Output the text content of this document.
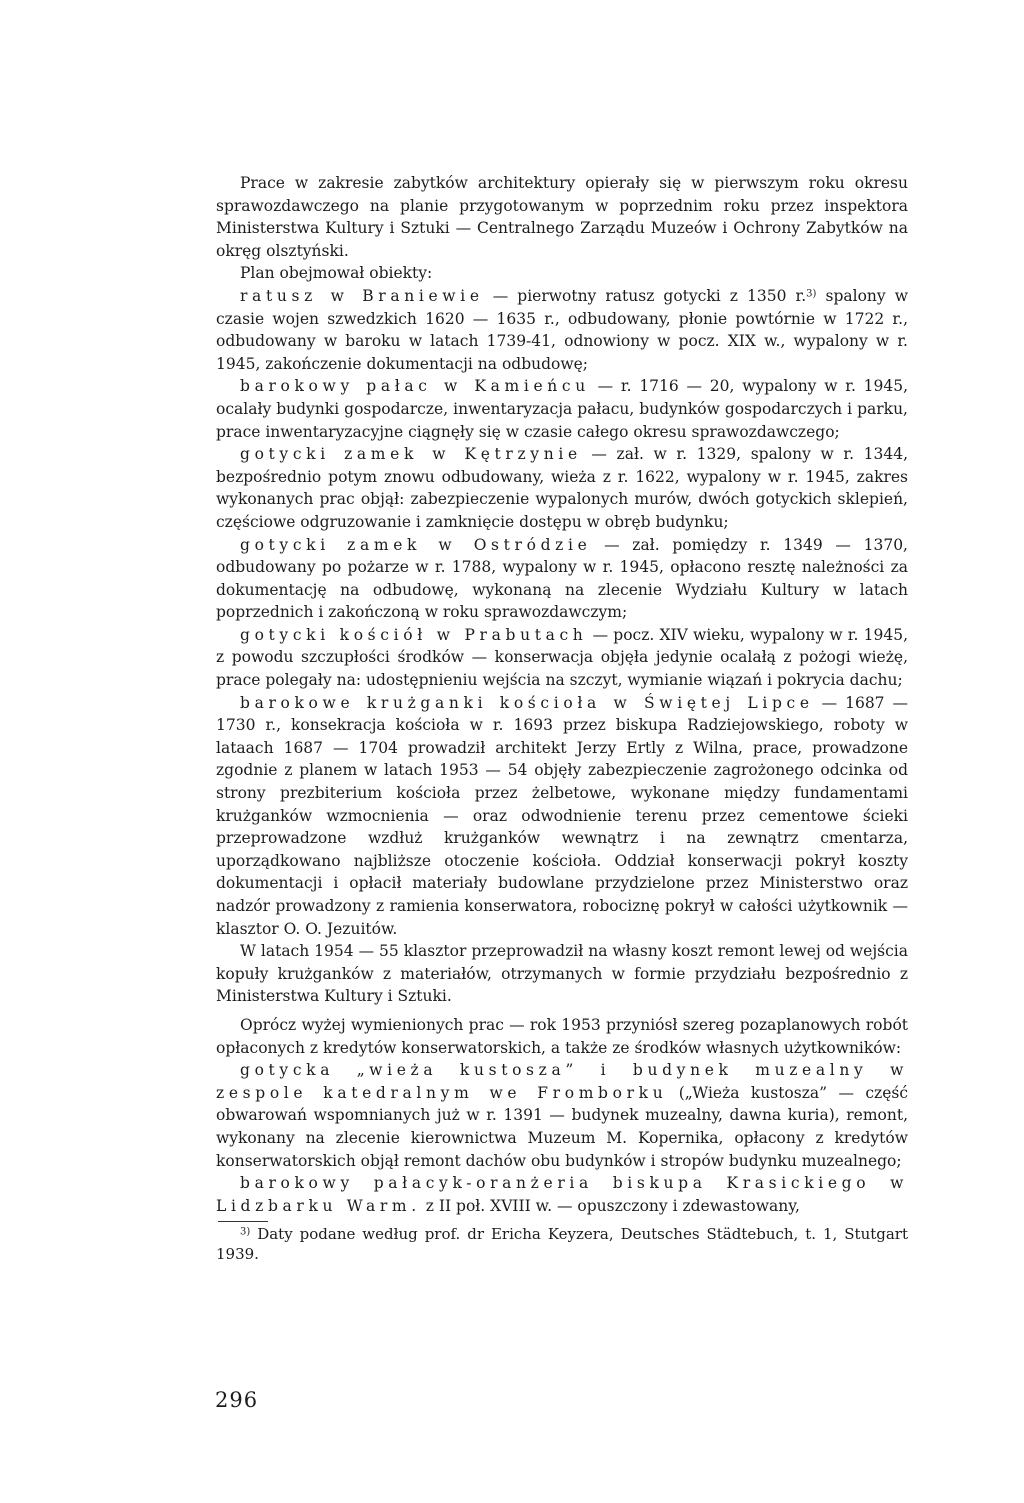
Prace w zakresie zabytków architektury opierały się w pierwszym roku okresu sprawozdawczego na planie przygotowanym w poprzednim roku przez inspektora Ministerstwa Kultury i Sztuki — Centralnego Zarządu Muzeów i Ochrony Zabytków na okręg olsztyński.

Plan obejmował obiekty:

ratusz w Braniewie — pierwotny ratusz gotycki z 1350 r.$^{3)}$ spalony w czasie wojen szwedzkich 1620 — 1635 r., odbudowany, płonie powtórnie w 1722 r., odbudowany w baroku w latach 1739-41, odnowiony w pocz. XIX w., wypalony w r. 1945, zakończenie dokumentacji na odbudowę;

barokowy pałac w Kamieńcu — r. 1716 — 20, wypalony w r. 1945, ocalały budynki gospodarcze, inwentaryzacja pałacu, budynków gospodarczych i parku, prace inwentaryzacyjne ciągnęły się w czasie całego okresu sprawozdawczego;

gotycki zamek w Kętrzynie — zał. w r. 1329, spalony w r. 1344, bezpośrednio potym znowu odbudowany, wieża z r. 1622, wypalony w r. 1945, zakres wykonanych prac objął: zabezpieczenie wypalonych murów, dwóch gotyckich sklepień, częściowe odgruzowanie i zamknięcie dostępu w obręb budynku;

gotycki zamek w Ostródzie — zał. pomiędzy r. 1349 — 1370, odbudowany po pożarze w r. 1788, wypalony w r. 1945, opłacono resztę należności za dokumentację na odbudowę, wykonaną na zlecenie Wydziału Kultury w latach poprzednich i zakończoną w roku sprawozdawczym;

gotycki kościół w Prabutach — pocz. XIV wieku, wypalony w r. 1945, z powodu szczupłości środków — konserwacja objęła jedynie ocalałą z pożogi wieżę, prace polegały na: udostępnieniu wejścia na szczyt, wymianie wiązań i pokrycia dachu;

barokowe krużganki kościoła w Świętej Lipce — 1687 — 1730 r., konsekracja kościoła w r. 1693 przez biskupa Radziejowskiego, roboty w lataach 1687 — 1704 prowadził architekt Jerzy Ertly z Wilna, prace, prowadzone zgodnie z planem w latach 1953 — 54 objęły zabezpieczenie zagrożonego odcinka od strony prezbiterium kościoła przez żelbetowe, wykonane między fundamentami krużganków wzmocnienia — oraz odwodnienie terenu przez cementowe ścieki przeprowadzone wzdłuż krużganków wewnątrz i na zewnątrz cmentarza, uporządkowano najbliższe otoczenie kościoła. Oddział konserwacji pokrył koszty dokumentacji i opłacił materiały budowlane przydzielone przez Ministerstwo oraz nadzór prowadzony z ramienia konserwatora, robociznę pokrył w całości użytkownik — klasztor O. O. Jezuitów.

W latach 1954 — 55 klasztor przeprowadził na własny koszt remont lewej od wejścia kopuły krużganków z materiałów, otrzymanych w formie przydziału bezpośrednio z Ministerstwa Kultury i Sztuki.

Oprócz wyżej wymienionych prac — rok 1953 przyniósł szereg pozaplanowych robót opłaconych z kredytów konserwatorskich, a także ze środków własnych użytkowników:

gotycka „wieża kustosza” i budynek muzealny w zespole katedralnym we Fromborku („Wieża kustosza” — część obwarowań wspomnianych już w r. 1391 — budynek muzealny, dawna kuria), remont, wykonany na zlecenie kierownictwa Muzeum M. Kopernika, opłacony z kredytów konserwatorskich objął remont dachów obu budynków i stropów budynku muzealnego;

barokowy pałacyk-oranżeria biskupa Krasickiego w Lidzbarku Warm. z II poł. XVIII w. — opuszczony i zdewastowany,

$^{3)}$ Daty podane według prof. dr Ericha Keyzera, Deutsches Städtebuch, t. 1, Stutgart 1939.

296
